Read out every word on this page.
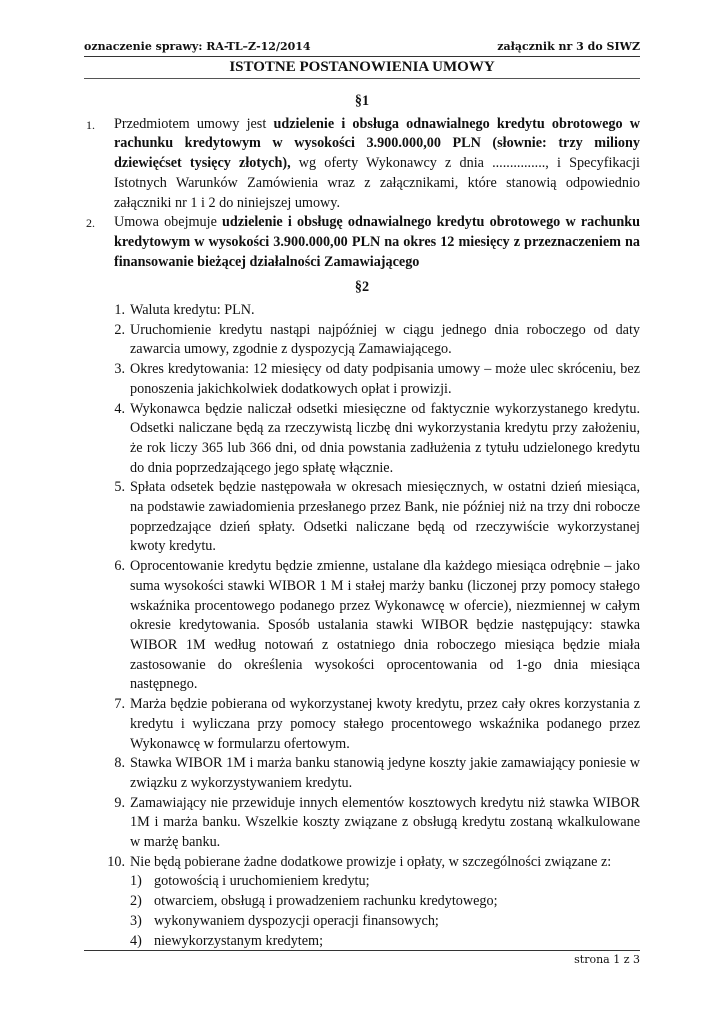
oznaczenie sprawy: RA-TL–Z-12/2014	załącznik nr 3 do SIWZ
ISTOTNE POSTANOWIENIA UMOWY
§1
1. Przedmiotem umowy jest udzielenie i obsługa odnawialnego kredytu obrotowego w rachunku kredytowym w wysokości 3.900.000,00 PLN (słownie: trzy miliony dziewięćset tysięcy złotych), wg oferty Wykonawcy z dnia ..............., i Specyfikacji Istotnych Warunków Zamówienia wraz z załącznikami, które stanowią odpowiednio załączniki nr 1 i 2 do niniejszej umowy.
2. Umowa obejmuje udzielenie i obsługę odnawialnego kredytu obrotowego w rachunku kredytowym w wysokości 3.900.000,00 PLN na okres 12 miesięcy z przeznaczeniem na finansowanie bieżącej działalności Zamawiającego
§2
1. Waluta kredytu: PLN.
2. Uruchomienie kredytu nastąpi najpóźniej w ciągu jednego dnia roboczego od daty zawarcia umowy, zgodnie z dyspozycją Zamawiającego.
3. Okres kredytowania: 12 miesięcy od daty podpisania umowy – może ulec skróceniu, bez ponoszenia jakichkolwiek dodatkowych opłat i prowizji.
4. Wykonawca będzie naliczał odsetki miesięczne od faktycznie wykorzystanego kredytu. Odsetki naliczane będą za rzeczywistą liczbę dni wykorzystania kredytu przy założeniu, że rok liczy 365 lub 366 dni, od dnia powstania zadłużenia z tytułu udzielonego kredytu do dnia poprzedzającego jego spłatę włącznie.
5. Spłata odsetek będzie następowała w okresach miesięcznych, w ostatni dzień miesiąca, na podstawie zawiadomienia przesłanego przez Bank, nie później niż na trzy dni robocze poprzedzające dzień spłaty. Odsetki naliczane będą od rzeczywiście wykorzystanej kwoty kredytu.
6. Oprocentowanie kredytu będzie zmienne, ustalane dla każdego miesiąca odrębnie – jako suma wysokości stawki WIBOR 1 M i stałej marży banku (liczonej przy pomocy stałego wskaźnika procentowego podanego przez Wykonawcę w ofercie), niezmiennej w całym okresie kredytowania. Sposób ustalania stawki WIBOR będzie następujący: stawka WIBOR 1M według notowań z ostatniego dnia roboczego miesiąca będzie miała zastosowanie do określenia wysokości oprocentowania od 1-go dnia miesiąca następnego.
7. Marża będzie pobierana od wykorzystanej kwoty kredytu, przez cały okres korzystania z kredytu i wyliczana przy pomocy stałego procentowego wskaźnika podanego przez Wykonawcę w formularzu ofertowym.
8. Stawka WIBOR 1M i marża banku stanowią jedyne koszty jakie zamawiający poniesie w związku z wykorzystywaniem kredytu.
9. Zamawiający nie przewiduje innych elementów kosztowych kredytu niż stawka WIBOR 1M i marża banku. Wszelkie koszty związane z obsługą kredytu zostaną wkalkulowane w marżę banku.
10. Nie będą pobierane żadne dodatkowe prowizje i opłaty, w szczególności związane z:
1) gotowością i uruchomieniem kredytu;
2) otwarciem, obsługą i prowadzeniem rachunku kredytowego;
3) wykonywaniem dyspozycji operacji finansowych;
4) niewykorzystanym kredytem;
strona 1 z 3
